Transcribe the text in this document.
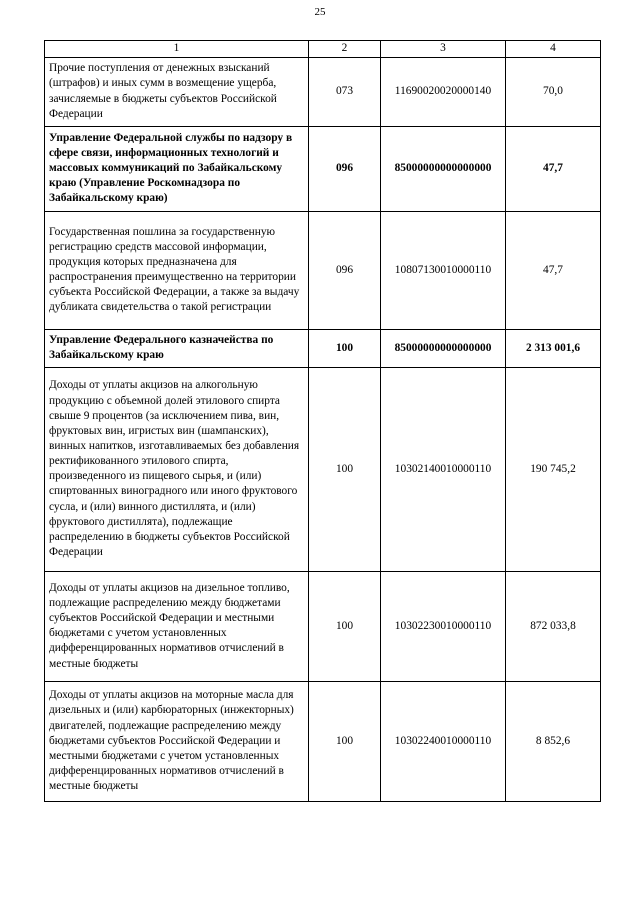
25
1	2	3	4
Прочие поступления от денежных взысканий (штрафов) и иных сумм в возмещение ущерба, зачисляемые в бюджеты субъектов Российской Федерации	073	11690020020000140	70,0
Управление Федеральной службы по надзору в сфере связи, информационных технологий и массовых коммуникаций по Забайкальскому краю (Управление Роскомнадзора по Забайкальскому краю)	096	85000000000000000	47,7
Государственная пошлина за государственную регистрацию средств массовой информации, продукция которых предназначена для распространения преимущественно на территории субъекта Российской Федерации, а также за выдачу дубликата свидетельства о такой регистрации	096	10807130010000110	47,7
Управление Федерального казначейства по Забайкальскому краю	100	85000000000000000	2 313 001,6
Доходы от уплаты акцизов на алкогольную продукцию с объемной долей этилового спирта свыше 9 процентов (за исключением пива, вин, фруктовых вин, игристых вин (шампанских), винных напитков, изготавливаемых без добавления ректификованного этилового спирта, произведенного из пищевого сырья, и (или) спиртованных виноградного или иного фруктового сусла, и (или) винного дистиллята, и (или) фруктового дистиллята), подлежащие распределению в бюджеты субъектов Российской Федерации	100	10302140010000110	190 745,2
Доходы от уплаты акцизов на дизельное топливо, подлежащие распределению между бюджетами субъектов Российской Федерации и местными бюджетами с учетом установленных дифференцированных нормативов отчислений в местные бюджеты	100	10302230010000110	872 033,8
Доходы от уплаты акцизов на моторные масла для дизельных и (или) карбюраторных (инжекторных) двигателей, подлежащие распределению между бюджетами субъектов Российской Федерации и местными бюджетами с учетом установленных дифференцированных нормативов отчислений в местные бюджеты	100	10302240010000110	8 852,6
